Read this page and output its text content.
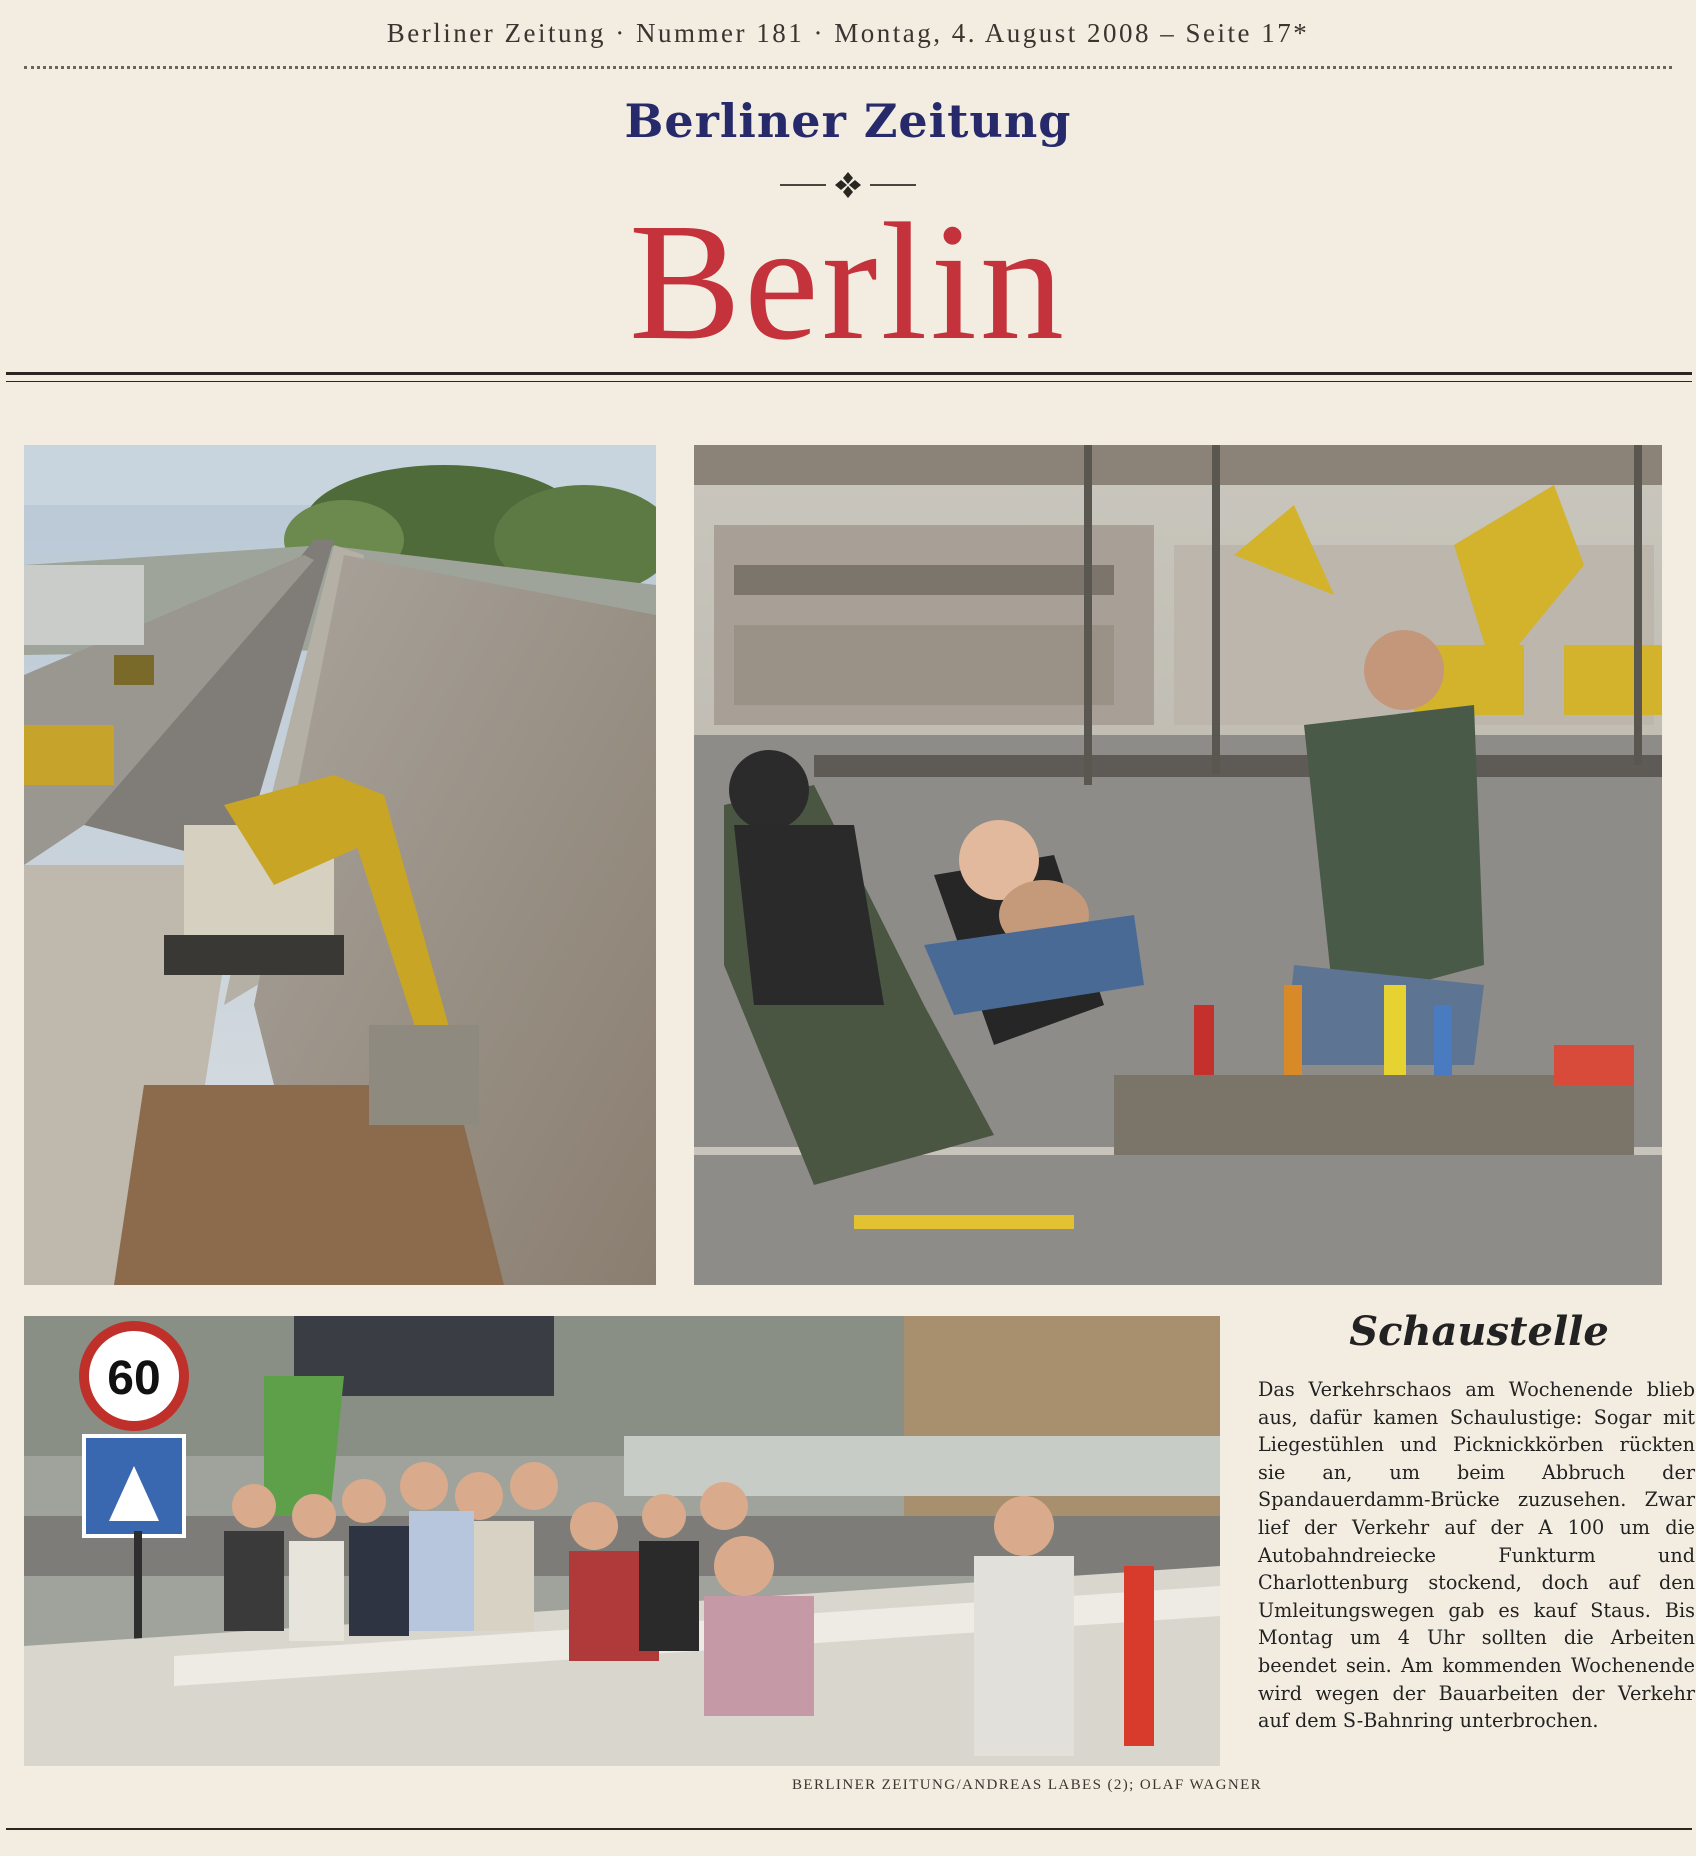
Berliner Zeitung · Nummer 181 · Montag, 4. August 2008 – Seite 17*
Berliner Zeitung
Berlin
60
BERLINER ZEITUNG/ANDREAS LABES (2); OLAF WAGNER
Schaustelle
Das Verkehrschaos am Wochenende blieb aus, dafür kamen Schaulustige: Sogar mit Liegestühlen und Picknickkörben rückten sie an, um beim Abbruch der Spandauerdamm-Brücke zuzusehen. Zwar lief der Verkehr auf der A 100 um die Autobahndreiecke Funkturm und Charlottenburg stockend, doch auf den Umleitungswegen gab es kauf Staus. Bis Montag um 4 Uhr sollten die Arbeiten beendet sein. Am kommenden Wochenende wird wegen der Bauarbeiten der Verkehr auf dem S-Bahnring unterbrochen.
